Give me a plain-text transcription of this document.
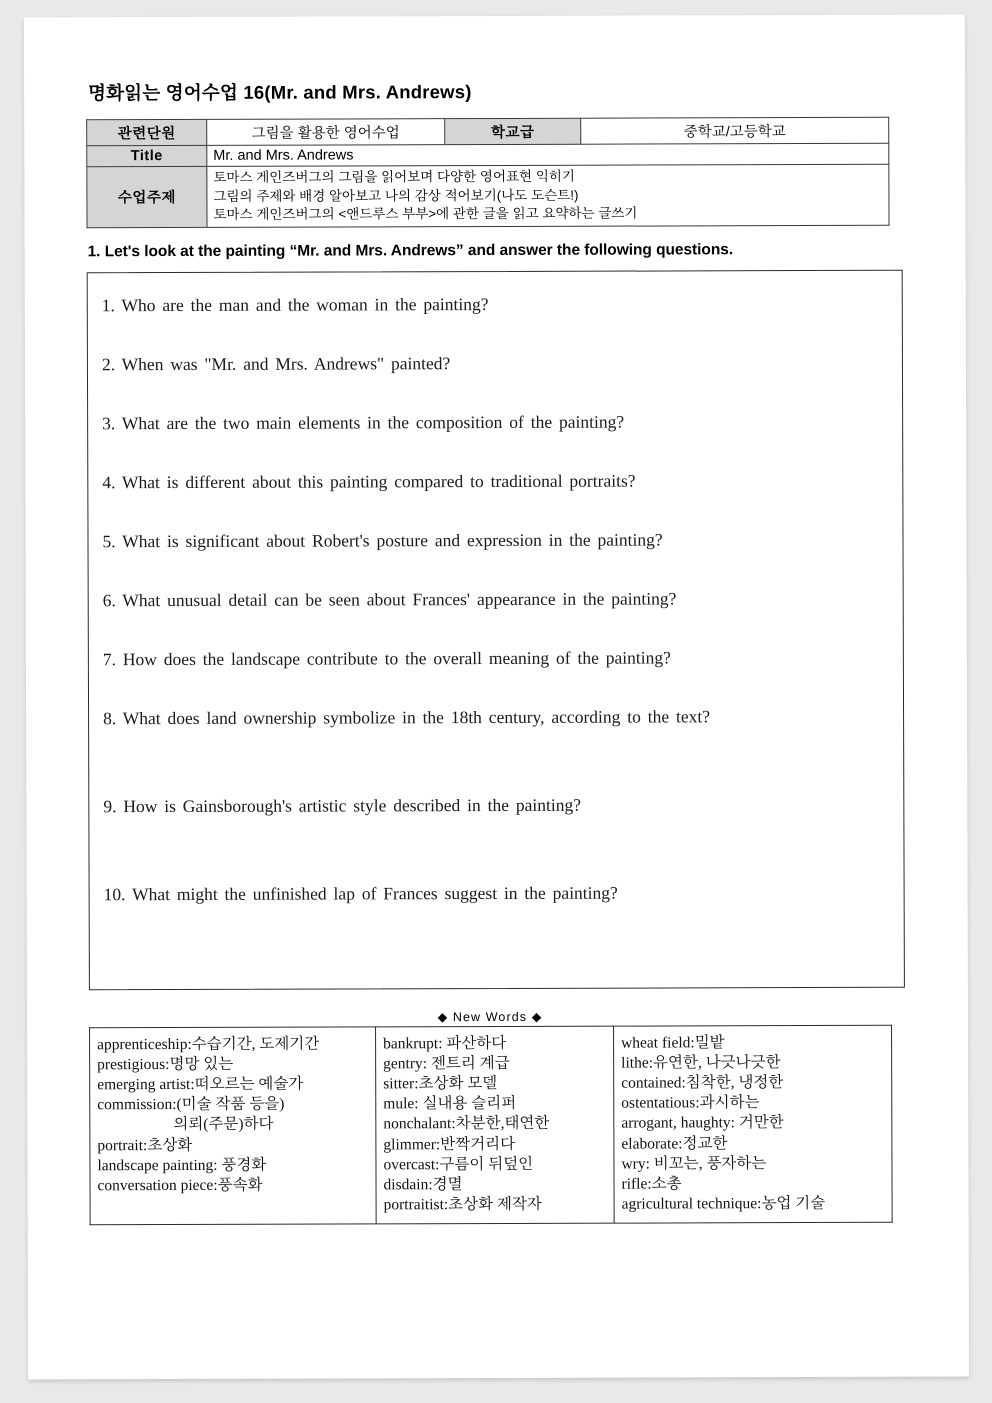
명화읽는 영어수업 16(Mr. and Mrs. Andrews)
관련단원	그림을 활용한 영어수업	학교급	중학교/고등학교
Title	Mr. and Mrs. Andrews		
수업주제	토마스 게인즈버그의 그림을 읽어보며 다양한 영어표현 익히기
그림의 주제와 배경 알아보고 나의 감상 적어보기(나도 도슨트!)
토마스 게인즈버그의 <앤드루스 부부>에 관한 글을 읽고 요약하는 글쓰기		
1. Let's look at the painting “Mr. and Mrs. Andrews” and answer the following questions.
1. Who are the man and the woman in the painting?
2. When was "Mr. and Mrs. Andrews" painted?
3. What are the two main elements in the composition of the painting?
4. What is different about this painting compared to traditional portraits?
5. What is significant about Robert's posture and expression in the painting?
6. What unusual detail can be seen about Frances' appearance in the painting?
7. How does the landscape contribute to the overall meaning of the painting?
8. What does land ownership symbolize in the 18th century, according to the text?
9. How is Gainsborough's artistic style described in the painting?
10. What might the unfinished lap of Frances suggest in the painting?
◆ New Words ◆
apprenticeship:수습기간, 도제기간
prestigious:명망 있는
emerging artist:떠오르는 예술가
commission:(미술 작품 등을)
의뢰(주문)하다
portrait:초상화
landscape painting: 풍경화
conversation piece:풍속화

bankrupt: 파산하다
gentry: 젠트리 계급
sitter:초상화 모델
mule: 실내용 슬리퍼
nonchalant:차분한,태연한
glimmer:반짝거리다
overcast:구름이 뒤덮인
disdain:경멸
portraitist:초상화 제작자

wheat field:밀밭
lithe:유연한, 나긋나긋한
contained:침착한, 냉정한
ostentatious:과시하는
arrogant, haughty: 거만한
elaborate:정교한
wry: 비꼬는, 풍자하는
rifle:소총
agricultural technique:농업 기술
